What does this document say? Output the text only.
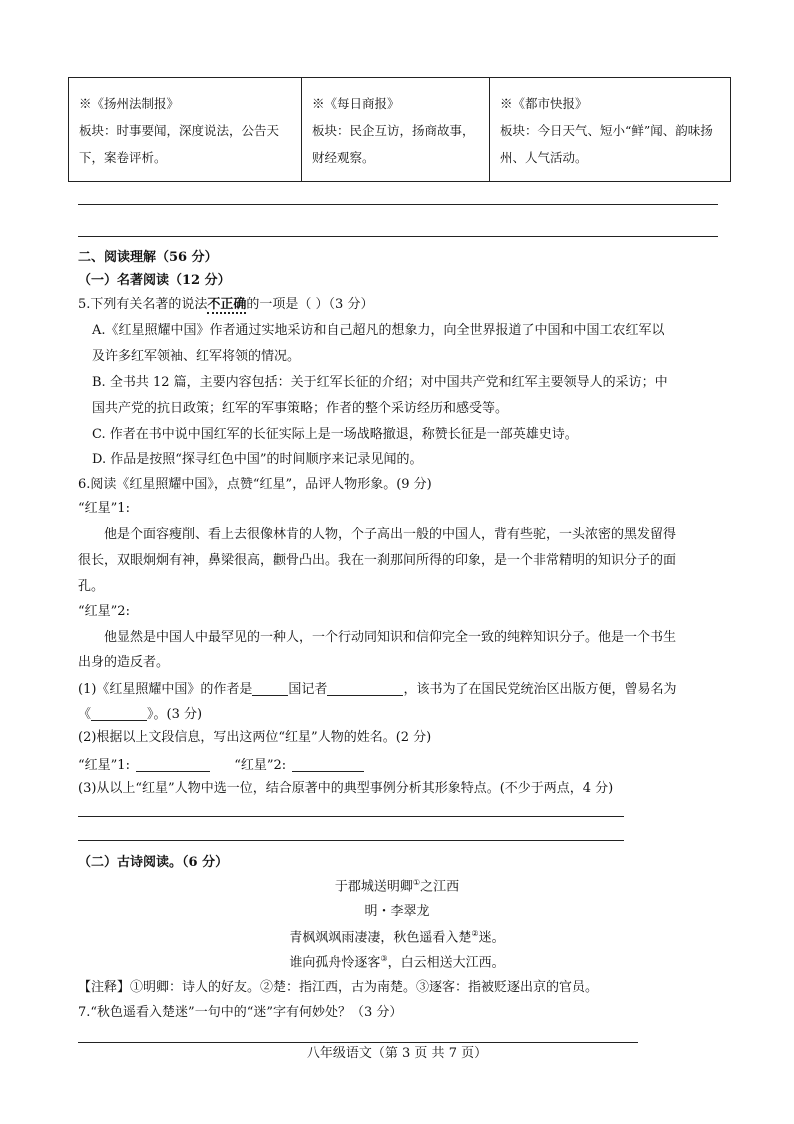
※《扬州法制报》
板块：时事要闻，深度说法，公告天下，案卷评析。

※《每日商报》
板块：民企互访，扬商故事，财经观察。

※《都市快报》
板块：今日天气、短小“鲜”闻、韵味扬州、人气活动。
二、阅读理解（56 分）
（一）名著阅读（12 分）
5.下列有关名著的说法不正确的一项是（ ）（3 分）
A.《红星照耀中国》作者通过实地采访和自己超凡的想象力，向全世界报道了中国和中国工农红军以
及许多红军领袖、红军将领的情况。
B. 全书共 12 篇，主要内容包括：关于红军长征的介绍；对中国共产党和红军主要领导人的采访；中
国共产党的抗日政策；红军的军事策略；作者的整个采访经历和感受等。
C. 作者在书中说中国红军的长征实际上是一场战略撤退，称赞长征是一部英雄史诗。
D. 作品是按照“探寻红色中国”的时间顺序来记录见闻的。
6.阅读《红星照耀中国》，点赞“红星”，品评人物形象。(9 分)
“红星”1:
他是个面容瘦削、看上去很像林肯的人物，个子高出一般的中国人，背有些驼，一头浓密的黑发留得
很长，双眼炯炯有神，鼻梁很高，颧骨凸出。我在一刹那间所得的印象，是一个非常精明的知识分子的面
孔。
“红星”2:
他显然是中国人中最罕见的一种人，一个行动同知识和信仰完全一致的纯粹知识分子。他是一个书生
出身的造反者。
(1)《红星照耀中国》的作者是	国记者	，该书为了在国民党统治区出版方便，曾易名为
《	》。(3 分)
(2)根据以上文段信息，写出这两位“红星”人物的姓名。(2 分)
“红星”1:	“红星”2:
(3)从以上“红星”人物中选一位，结合原著中的典型事例分析其形象特点。(不少于两点，4 分)
（二）古诗阅读。（6 分）
于郡城送明卿①之江西
明・李翠龙
青枫飒飒雨凄凄，秋色遥看入楚②迷。
谁向孤舟怜逐客③，白云相送大江西。
【注释】①明卿：诗人的好友。②楚：指江西，古为南楚。③逐客：指被贬逐出京的官员。
7.“秋色遥看入楚迷”一句中的“迷”字有何妙处？（3 分）
八年级语文（第 3 页 共 7 页）
